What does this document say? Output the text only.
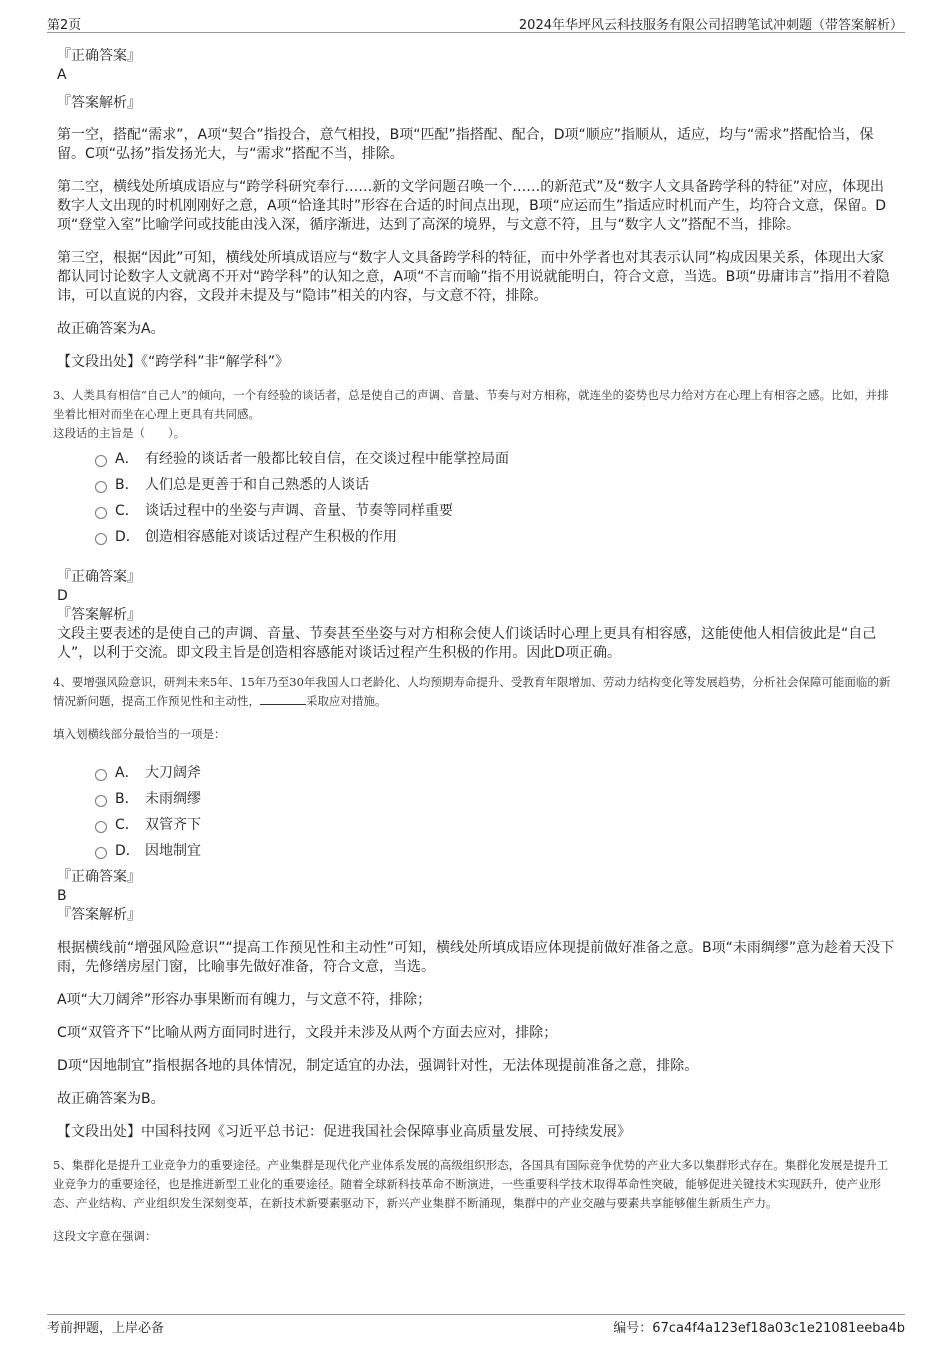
第2页	2024年华坪风云科技服务有限公司招聘笔试冲刺题（带答案解析）

『正确答案』

A

『答案解析』

第一空，搭配“需求”，A项“契合”指投合，意气相投，B项“匹配”指搭配、配合，D项“顺应”指顺从，适应，均与“需求”搭配恰当，保留。C项“弘扬”指发扬光大，与“需求”搭配不当，排除。

第二空，横线处所填成语应与“跨学科研究奉行……新的文学问题召唤一个……的新范式”及“数字人文具备跨学科的特征”对应，体现出数字人文出现的时机刚刚好之意，A项“恰逢其时”形容在合适的时间点出现，B项“应运而生”指适应时机而产生，均符合文意，保留。D项“登堂入室”比喻学问或技能由浅入深，循序渐进，达到了高深的境界，与文意不符，且与“数字人文”搭配不当，排除。

第三空，根据“因此”可知，横线处所填成语应与“数字人文具备跨学科的特征，而中外学者也对其表示认同”构成因果关系，体现出大家都认同讨论数字人文就离不开对“跨学科”的认知之意，A项“不言而喻”指不用说就能明白，符合文意，当选。B项“毋庸讳言”指用不着隐讳，可以直说的内容，文段并未提及与“隐讳”相关的内容，与文意不符，排除。

故正确答案为A。

【文段出处】《“跨学科”非“解学科”》

3、人类具有相信“自己人”的倾向，一个有经验的谈话者，总是使自己的声调、音量、节奏与对方相称，就连坐的姿势也尽力给对方在心理上有相容之感。比如，并排坐着比相对而坐在心理上更具有共同感。

这段话的主旨是（　　）。

A． 有经验的谈话者一般都比较自信，在交谈过程中能掌控局面
B． 人们总是更善于和自己熟悉的人谈话
C． 谈话过程中的坐姿与声调、音量、节奏等同样重要
D． 创造相容感能对谈话过程产生积极的作用

『正确答案』

D

『答案解析』

文段主要表述的是使自己的声调、音量、节奏甚至坐姿与对方相称会使人们谈话时心理上更具有相容感，这能使他人相信彼此是“自己人”，以利于交流。即文段主旨是创造相容感能对谈话过程产生积极的作用。因此D项正确。

4、要增强风险意识，研判未来5年、15年乃至30年我国人口老龄化、人均预期寿命提升、受教育年限增加、劳动力结构变化等发展趋势，分析社会保障可能面临的新情况新问题，提高工作预见性和主动性，	采取应对措施。

填入划横线部分最恰当的一项是：

A． 大刀阔斧
B． 未雨绸缪
C． 双管齐下
D． 因地制宜

『正确答案』

B

『答案解析』

根据横线前“增强风险意识”“提高工作预见性和主动性”可知，横线处所填成语应体现提前做好准备之意。B项“未雨绸缪”意为趁着天没下雨，先修缮房屋门窗，比喻事先做好准备，符合文意，当选。

A项“大刀阔斧”形容办事果断而有魄力，与文意不符，排除；

C项“双管齐下”比喻从两方面同时进行，文段并未涉及从两个方面去应对，排除；

D项“因地制宜”指根据各地的具体情况，制定适宜的办法，强调针对性，无法体现提前准备之意，排除。

故正确答案为B。

【文段出处】中国科技网《习近平总书记：促进我国社会保障事业高质量发展、可持续发展》

5、集群化是提升工业竞争力的重要途径。产业集群是现代化产业体系发展的高级组织形态，各国具有国际竞争优势的产业大多以集群形式存在。集群化发展是提升工业竞争力的重要途径，也是推进新型工业化的重要途径。随着全球新科技革命不断演进，一些重要科学技术取得革命性突破，能够促进关键技术实现跃升，使产业形态、产业结构、产业组织发生深刻变革，在新技术新要素驱动下，新兴产业集群不断涌现，集群中的产业交融与要素共享能够催生新质生产力。

这段文字意在强调：

考前押题，上岸必备	编号：67ca4f4a123ef18a03c1e21081eeba4b
